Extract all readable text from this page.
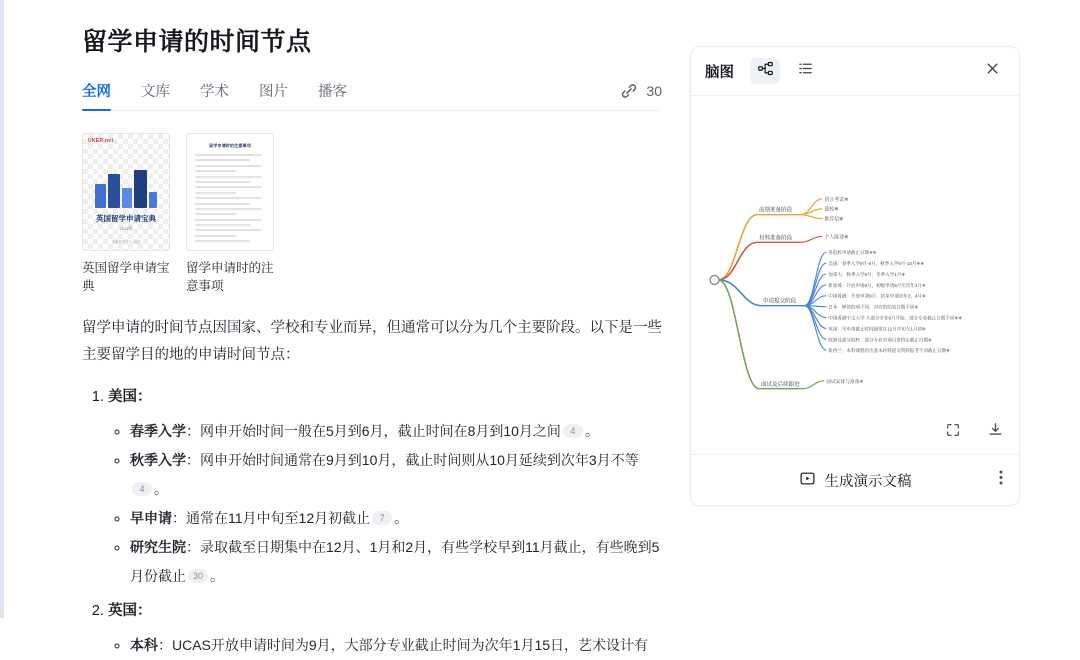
留学申请的时间节点
全网 文库 学术 图片 播客	30
UKER.net
英国留学申请宝典
2024版
英国留学中心 出品
英国留学申请宝典
留学申请时的注意事项
留学申请时的注意事项
留学申请的时间节点因国家、学校和专业而异，但通常可以分为几个主要阶段。以下是一些主要留学目的地的申请时间节点：
1. 美国：
◦ 春季入学：网申开始时间一般在5月到6月，截止时间在8月到10月之间 4 。
◦ 秋季入学：网申开始时间通常在9月到10月，截止时间则从10月延续到次年3月不等4 。
◦ 早申请：通常在11月中旬至12月初截止 7 。
◦ 研究生院：录取截至日期集中在12月、1月和2月，有些学校早到11月截止，有些晚到5月份截止 30 。
2. 英国：
◦ 本科：UCAS开放申请时间为9月，大部分专业截止时间为次年1月15日，艺术设计有
脑图
前期准备阶段
材料准备阶段
申请提交阶段
面试及后续跟进
语言考试❄
选校❄
推荐信❄
个人陈述❄
各院校申请截止日期❄❄
美国：春季入学9月-6月，秋季入学9月-10月❄❄
加拿大：秋季入学9月，冬季入学1月❄
新加坡：开放申请8月，初级申请8月至次年3月❄
中国香港：开放申请9月，结束申请次年3、4月❄
日本：修读的项不同，对应的结束日期不同❄
中国香港中文大学 大部分专业8月开始，部分专业截止日期不同❄❄
英国：早申请截止时间通常在12月中旬至1月初❄
欧洲及部分院校：部分专业对项目各特定截止日期❄
新西兰：本科课程的出基本材料提交资料报考不同截止日期❄
面试安排与准备❄
生成演示文稿
